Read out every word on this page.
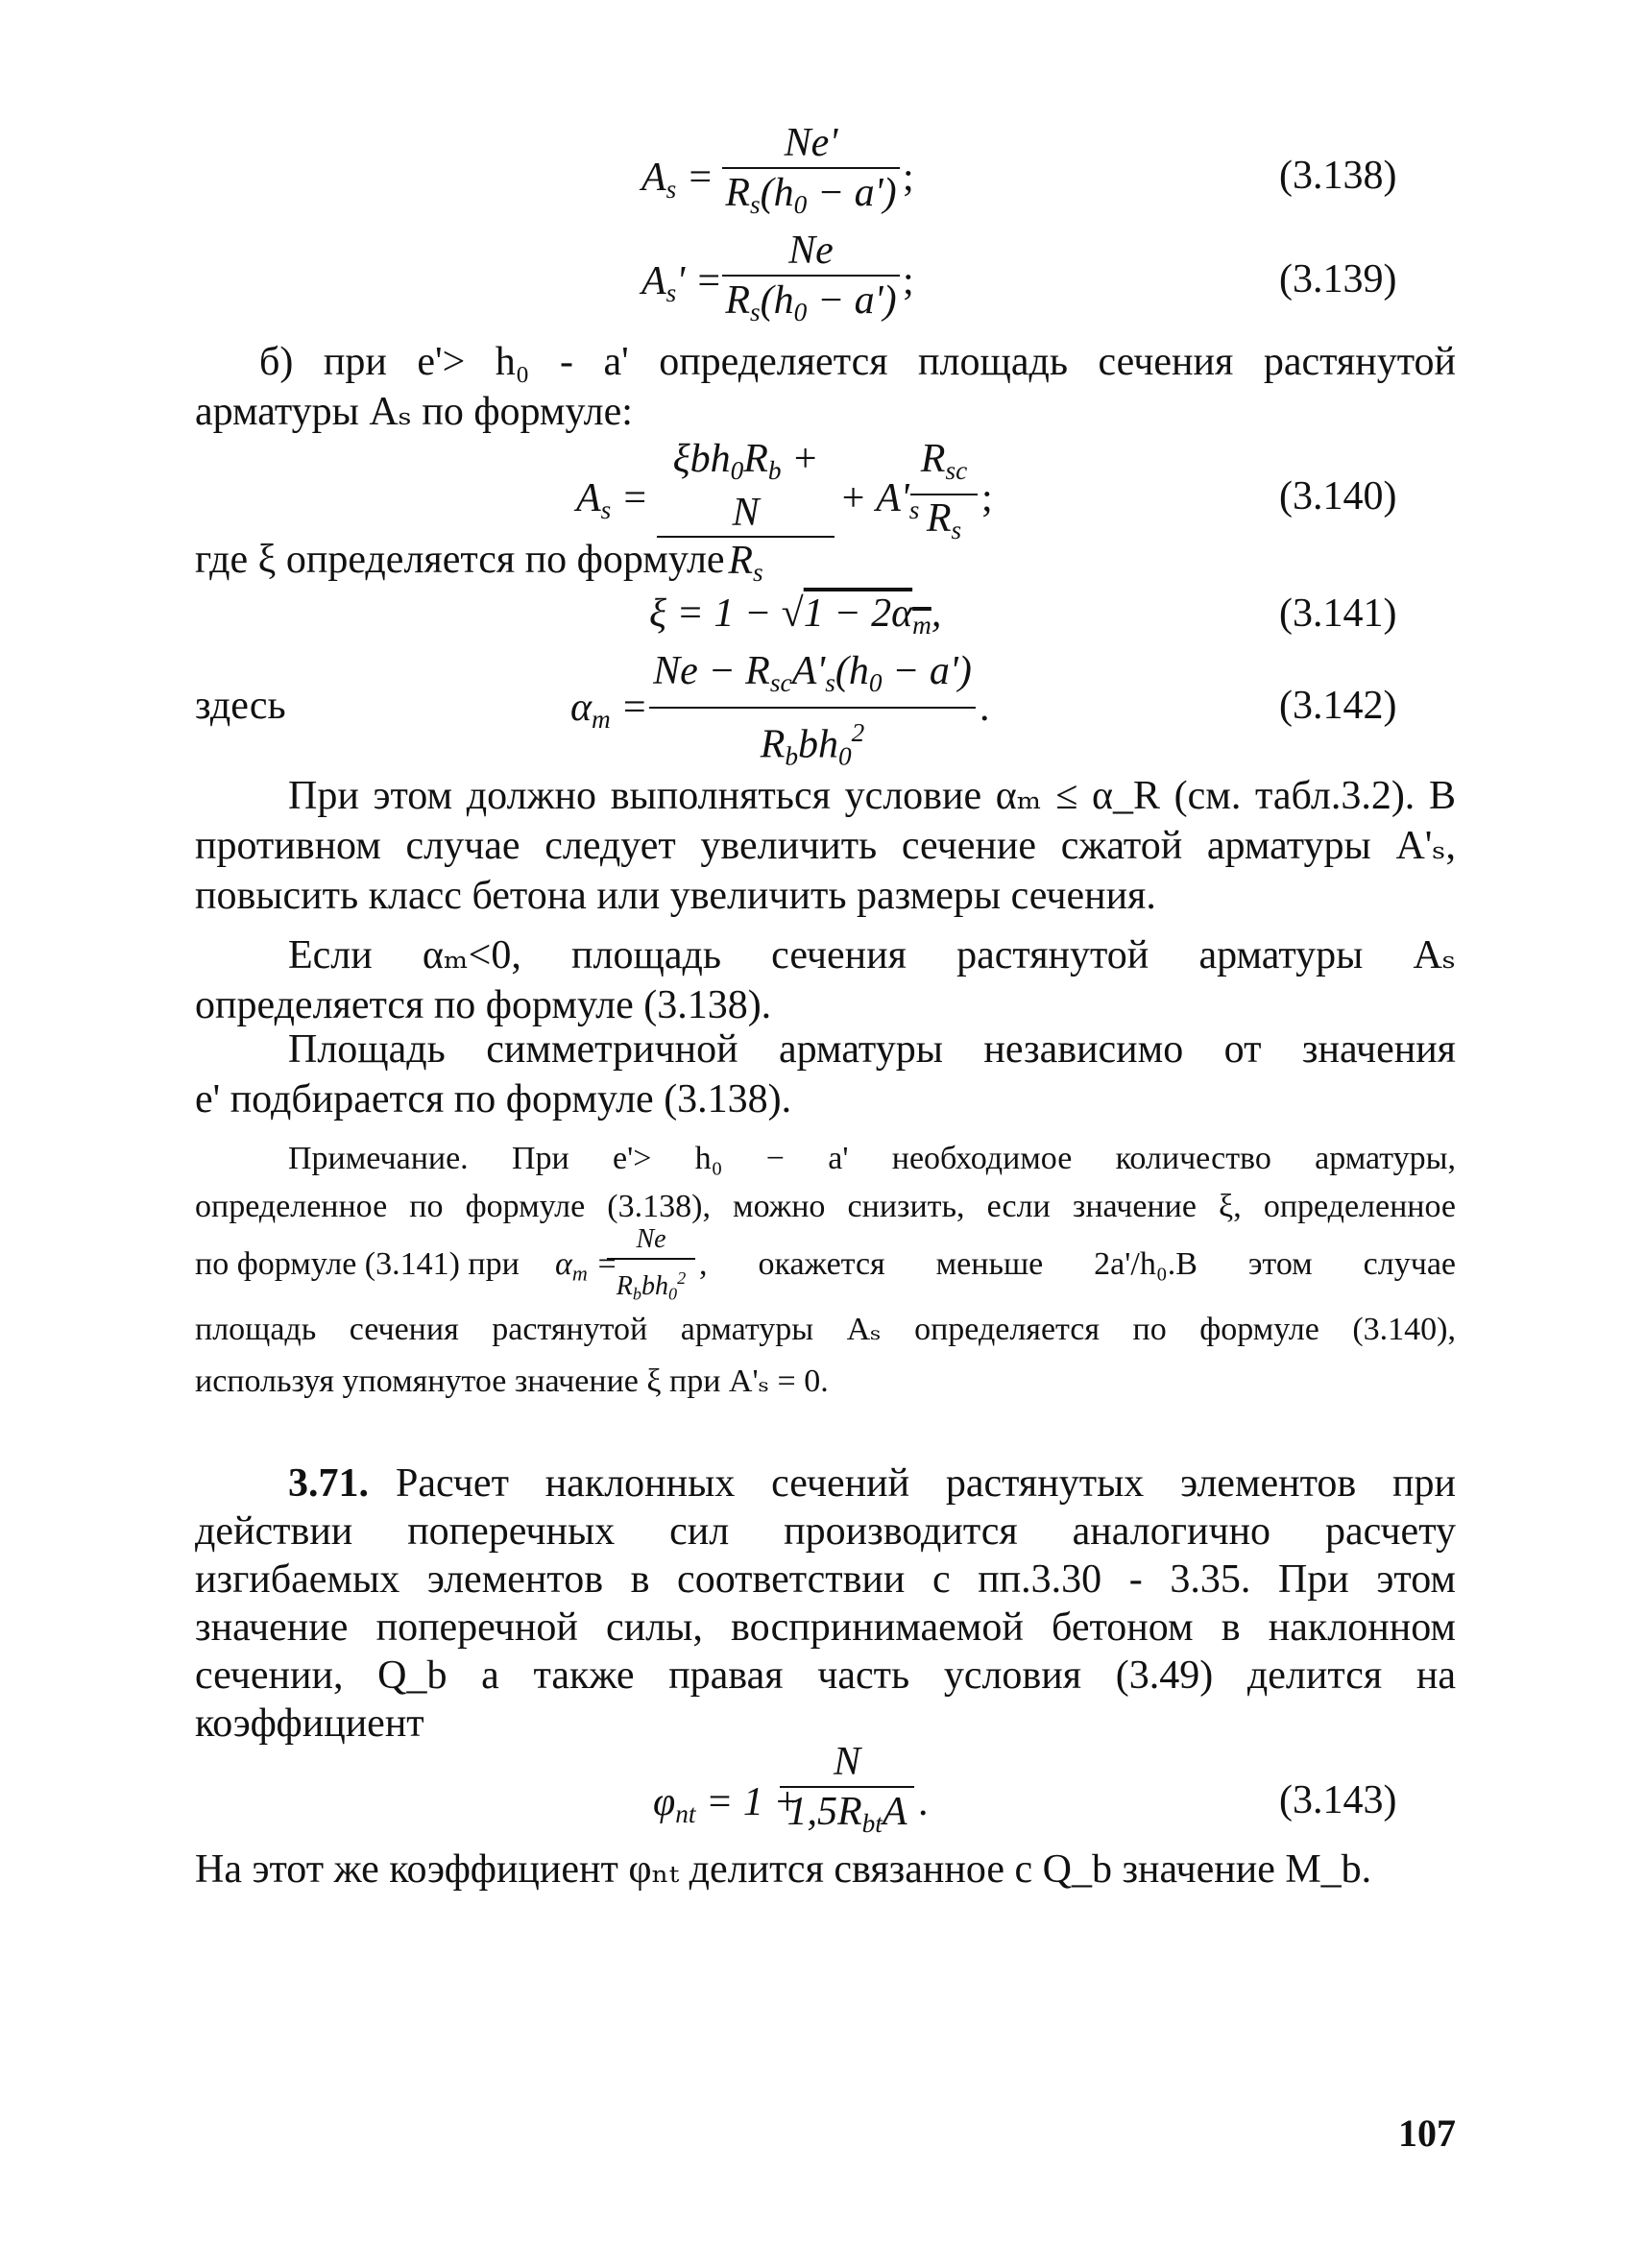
$A_s = \frac{Ne'}{R_s(h_0 - a')}$ ;	(3.138)
$A_s' = \frac{Ne}{R_s(h_0 - a')}$ ;	(3.139)
б) при e'> h₀ - a' определяется площадь сечения растянутой
арматуры Aₛ по формуле:
$A_s$ =
$\xi bh_0R_b + N$
$R_s$
+ $A'_s$
$R_{sc}$
$R_s$
;	(3.140)
где ξ определяется по формуле
$\xi = 1 - √1 - 2\alpha_m$,	(3.141)
здесь	$\alpha_m$ =
$Ne - R_{sc}A'_s(h_0 - a')$
$R_bbh_0^2$
.	(3.142)
При этом должно выполняться условие αₘ ≤ α_R (см. табл.3.2). В
противном случае следует увеличить сечение сжатой арматуры A'ₛ,
повысить класс бетона или увеличить размеры сечения.
Если αₘ<0, площадь сечения растянутой арматуры Aₛ
определяется по формуле (3.138).
Площадь симметричной арматуры независимо от значения
e' подбирается по формуле (3.138).
Примечание. При e'> h₀ − a' необходимое количество арматуры,
определенное по формуле (3.138), можно снизить, если значение ξ, определенное
по формуле (3.141) при
Ne
$R_bbh_0^2$
$\alpha_m$ = , окажется меньше 2a'/h₀.В этом случае
площадь сечения растянутой арматуры Aₛ определяется по формуле (3.140),
используя упомянутое значение ξ при A'ₛ = 0.
3.71. Расчет наклонных сечений растянутых элементов при
действии поперечных сил производится аналогично расчету
изгибаемых элементов в соответствии с пп.3.30 - 3.35. При этом
значение поперечной силы, воспринимаемой бетоном в наклонном
сечении, Q_b а также правая часть условия (3.49) делится на
коэффициент
$\varphi_{nt} = 1$ +
N
$1,5R_{bt}A$ .	(3.143)
На этот же коэффициент φₙₜ делится связанное с Q_b значение M_b.
107
